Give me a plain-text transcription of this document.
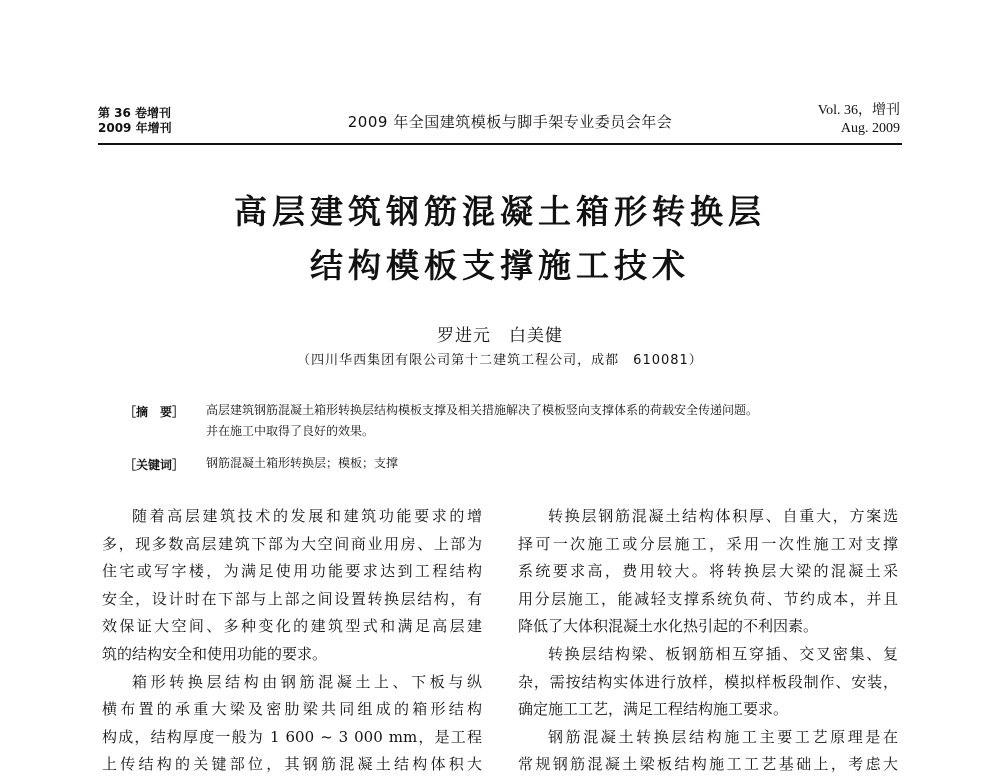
第 36 卷增刊
2009 年增刊	2009 年全国建筑模板与脚手架专业委员会年会
Vol. 36，增刊
Aug. 2009
高层建筑钢筋混凝土箱形转换层
结构模板支撑施工技术
罗进元　白美健
（四川华西集团有限公司第十二建筑工程公司，成都　610081）
［摘　要］ 高层建筑钢筋混凝土箱形转换层结构模板支撑及相关措施解决了模板竖向支撑体系的荷载安全传递问题。
并在施工中取得了良好的效果。
［关键词］ 钢筋混凝土箱形转换层；模板；支撑
随着高层建筑技术的发展和建筑功能要求的增
多，现多数高层建筑下部为大空间商业用房、上部为
住宅或写字楼，为满足使用功能要求达到工程结构
安全，设计时在下部与上部之间设置转换层结构，有
效保证大空间、多种变化的建筑型式和满足高层建
筑的结构安全和使用功能的要求。
箱形转换层结构由钢筋混凝土上、下板与纵
横布置的承重大梁及密肋梁共同组成的箱形结构
构成，结构厚度一般为 1 600 ~ 3 000 mm，是工程
上传结构的关键部位，其钢筋混凝土结构体积大
转换层钢筋混凝土结构体积厚、自重大，方案选
择可一次施工或分层施工，采用一次性施工对支撑
系统要求高，费用较大。将转换层大梁的混凝土采
用分层施工，能减轻支撑系统负荷、节约成本，并且
降低了大体积混凝土水化热引起的不利因素。
转换层结构梁、板钢筋相互穿插、交叉密集、复
杂，需按结构实体进行放样，模拟样板段制作、安装，
确定施工工艺，满足工程结构施工要求。
钢筋混凝土转换层结构施工主要工艺原理是在
常规钢筋混凝土梁板结构施工工艺基础上，考虑大
